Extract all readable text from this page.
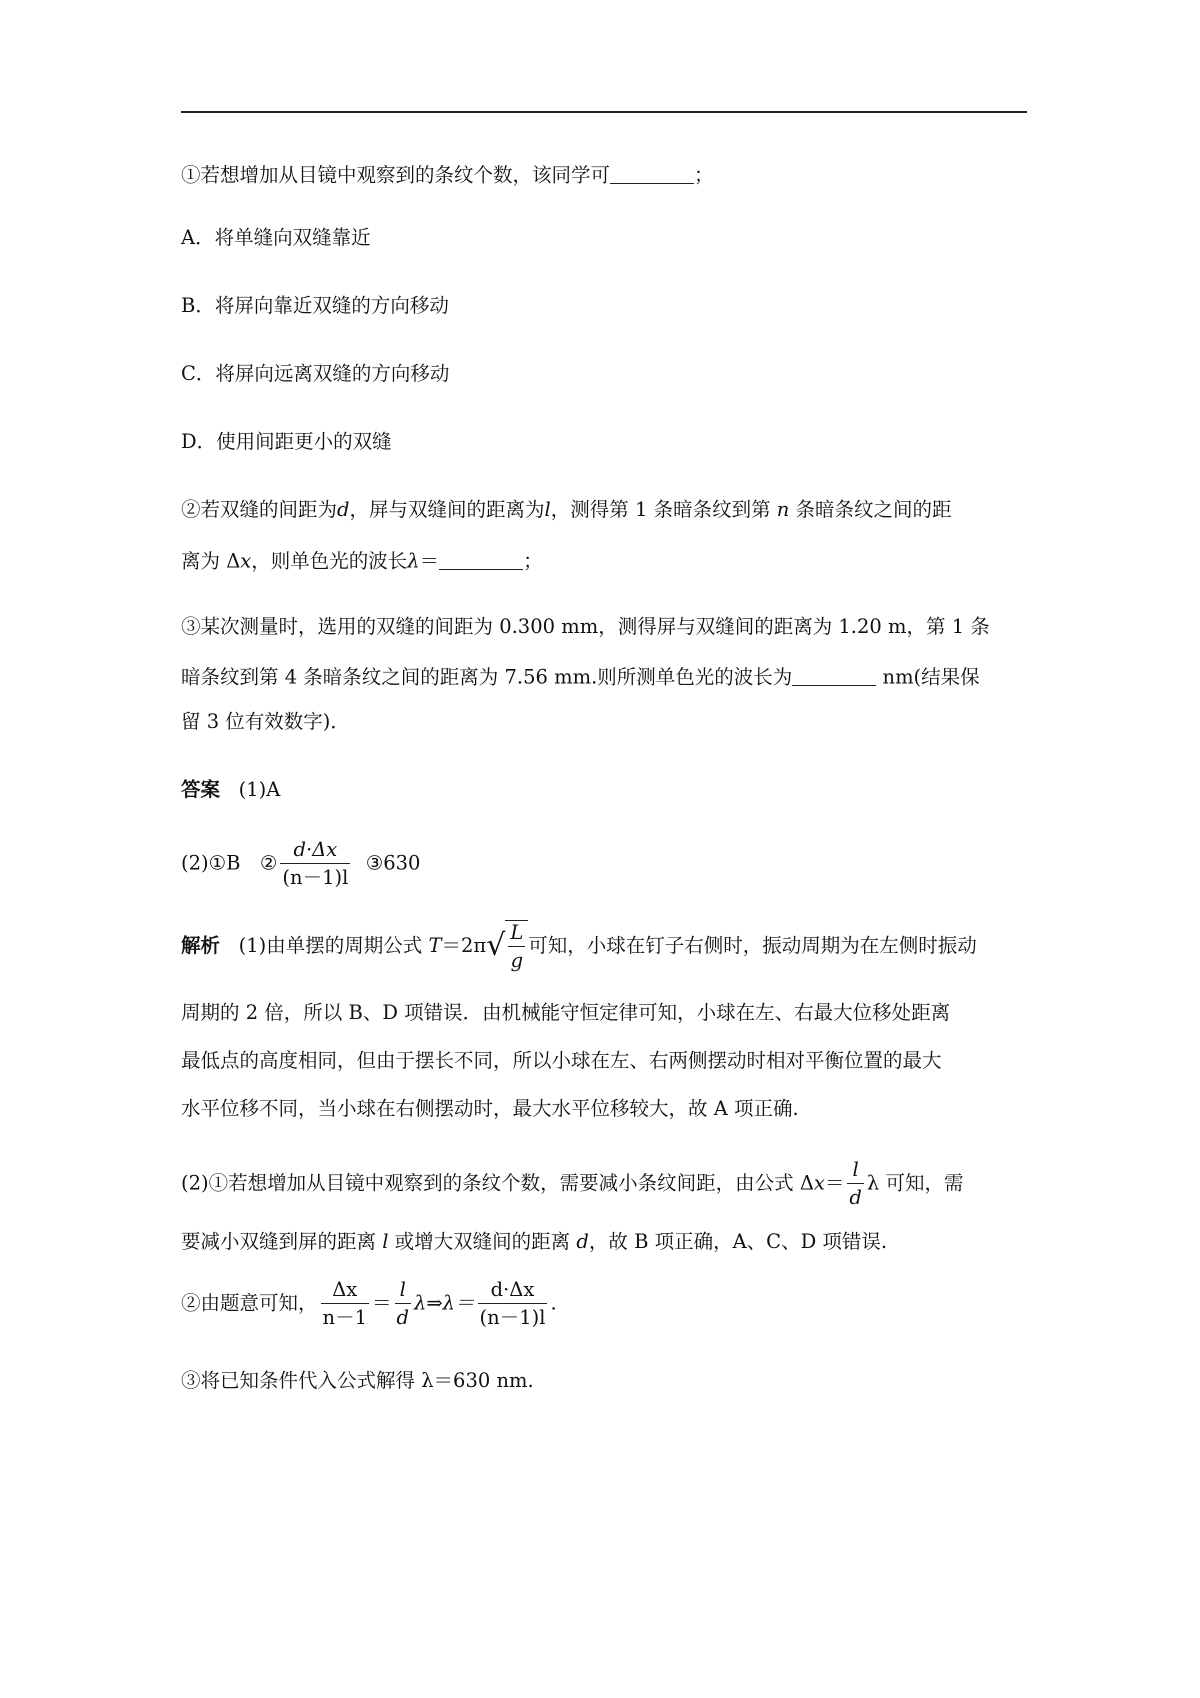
①若想增加从目镜中观察到的条纹个数，该同学可	；
A．将单缝向双缝靠近
B．将屏向靠近双缝的方向移动
C．将屏向远离双缝的方向移动
D．使用间距更小的双缝
②若双缝的间距为d，屏与双缝间的距离为l，测得第 1 条暗条纹到第 n 条暗条纹之间的距
离为 Δx，则单色光的波长λ＝	；
③某次测量时，选用的双缝的间距为 0.300 mm，测得屏与双缝间的距离为 1.20 m，第 1 条
暗条纹到第 4 条暗条纹之间的距离为 7.56 mm.则所测单色光的波长为	nm(结果保
留 3 位有效数字)．
答案 (1)A
(2)①B　② $\frac{d\cdot\Delta x}{(n-1)l}$ ③630
解析 (1)由单摆的周期公式 $T=2\pi√ \frac{L}{g}$ 可知，小球在钉子右侧时，振动周期为在左侧时振动
周期的 2 倍，所以 B、D 项错误．由机械能守恒定律可知，小球在左、右最大位移处距离
最低点的高度相同，但由于摆长不同，所以小球在左、右两侧摆动时相对平衡位置的最大
水平位移不同，当小球在右侧摆动时，最大水平位移较大，故 A 项正确.
(2)①若想增加从目镜中观察到的条纹个数，需要减小条纹间距，由公式 $\Delta x= \frac{l}{d}$ λ 可知，需
要减小双缝到屏的距离 l 或增大双缝间的距离 d，故 B 项正确，A、C、D 项错误.
②由题意可知， $\frac{\Delta x}{n-1} = \frac{l}{d}$ λ⇒λ＝ $\frac{d\cdot\Delta x}{(n-1)l}$ .
③将已知条件代入公式解得 λ＝630 nm.
